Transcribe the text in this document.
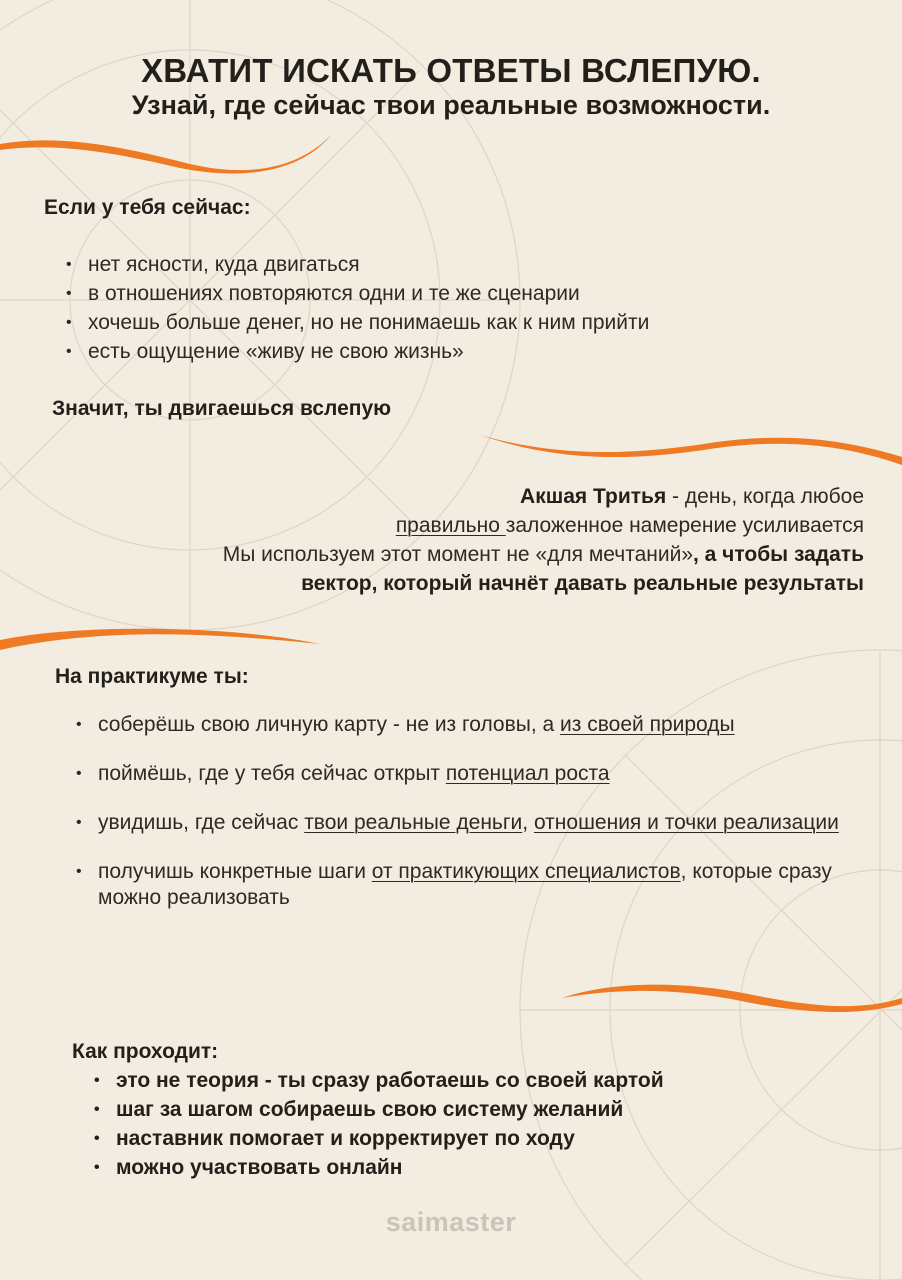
ХВАТИТ ИСКАТЬ ОТВЕТЫ ВСЛЕПУЮ.
Узнай, где сейчас твои реальные возможности.
Если у тебя сейчас:
• нет ясности, куда двигаться
• в отношениях повторяются одни и те же сценарии
• хочешь больше денег, но не понимаешь как к ним прийти
• есть ощущение «живу не свою жизнь»
Значит, ты двигаешься вслепую
Акшая Тритья - день, когда любое
правильно заложенное намерение усиливается
Мы используем этот момент не «для мечтаний», а чтобы задать
вектор, который начнёт давать реальные результаты
На практикуме ты:
• соберёшь свою личную карту - не из головы, а из своей природы
• поймёшь, где у тебя сейчас открыт потенциал роста
• увидишь, где сейчас твои реальные деньги, отношения и точки реализации
• получишь конкретные шаги от практикующих специалистов, которые сразу можно реализовать
Как проходит:
• это не теория - ты сразу работаешь со своей картой
• шаг за шагом собираешь свою систему желаний
• наставник помогает и корректирует по ходу
• можно участвовать онлайн
saimaster
